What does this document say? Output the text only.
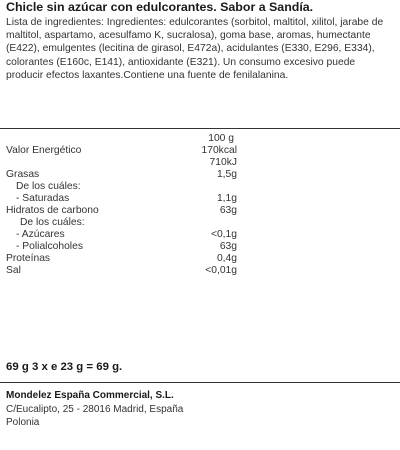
Chicle sin azúcar con edulcorantes. Sabor a Sandía.
Lista de ingredientes: Ingredientes: edulcorantes (sorbitol, maltitol, xilitol, jarabe de maltitol, aspartamo, acesulfamo K, sucralosa), goma base, aromas, humectante (E422), emulgentes (lecitina de girasol, E472a), acidulantes (E330, E296, E334), colorantes (E160c, E141), antioxidante (E321). Un consumo excesivo puede producir efectos laxantes.Contiene una fuente de fenilalanina.
100 g
Valor Energético	170kcal
710kJ
Grasas	1,5g
De los cuáles:
- Saturadas	1,1g
Hidratos de carbono	63g
De los cuáles:
- Azúcares	<0,1g
- Polialcoholes	63g
Proteínas	0,4g
Sal	<0,01g
69 g 3 x e 23 g = 69 g.
Mondelez España Commercial, S.L.
C/Eucalipto, 25 - 28016 Madrid, España
Polonia
